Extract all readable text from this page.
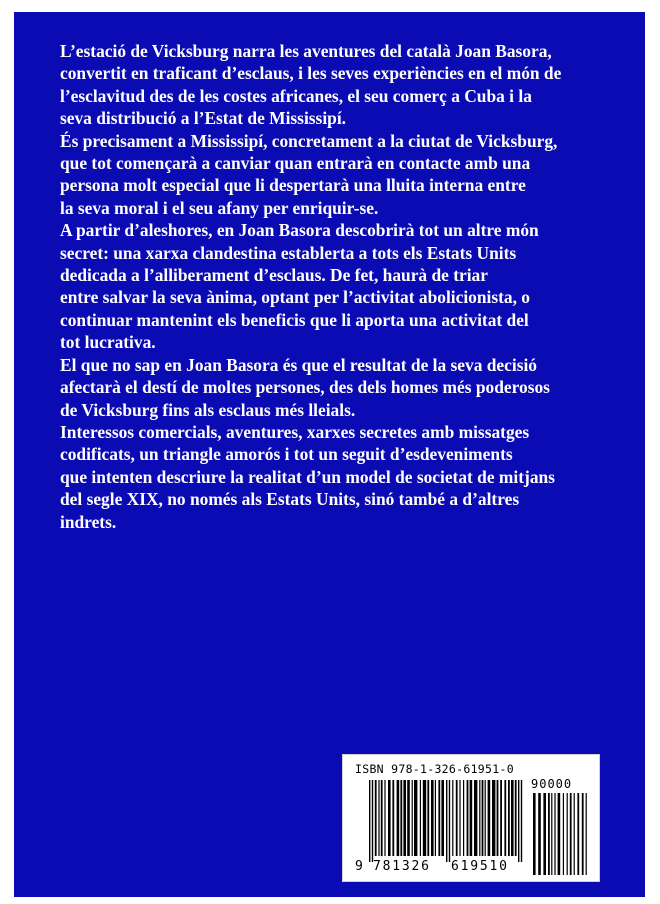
L’estació de Vicksburg narra les aventures del català Joan Basora,
convertit en traficant d’esclaus, i les seves experiències en el món de
l’esclavitud des de les costes africanes, el seu comerç a Cuba i la
seva distribució a l’Estat de Mississipí.
És precisament a Mississipí, concretament a la ciutat de Vicksburg,
que tot començarà a canviar quan entrarà en contacte amb una
persona molt especial que li despertarà una lluita interna entre
la seva moral i el seu afany per enriquir-se.
A partir d’aleshores, en Joan Basora descobrirà tot un altre món
secret: una xarxa clandestina establerta a tots els Estats Units
dedicada a l’alliberament d’esclaus. De fet, haurà de triar
entre salvar la seva ànima, optant per l’activitat abolicionista, o
continuar mantenint els beneficis que li aporta una activitat del
tot lucrativa.
El que no sap en Joan Basora és que el resultat de la seva decisió
afectarà el destí de moltes persones, des dels homes més poderosos
de Vicksburg fins als esclaus més lleials.
Interessos comercials, aventures, xarxes secretes amb missatges
codificats, un triangle amorós i tot un seguit d’esdeveniments
que intenten descriure la realitat d’un model de societat de mitjans
del segle XIX, no només als Estats Units, sinó també a d’altres
indrets.
ISBN 978-1-326-61951-0
90000
9 781326 619510
